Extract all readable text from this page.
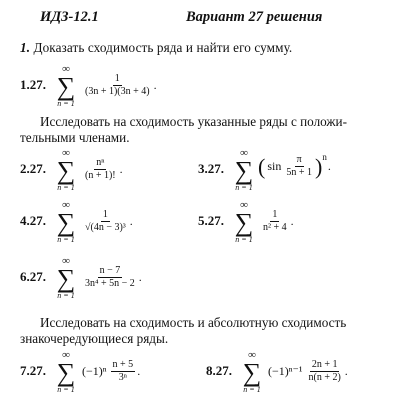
ИДЗ-12.1	Вариант 27 решения
1. Доказать сходимость ряда и найти его сумму.
1.27.
∞
∑
n = 1
$\frac{1}{(3n + 1)(3n + 4)}$ .
Исследовать на сходимость указанные ряды с положи-тельными членами.
2.27.
∞
∑
n = 1
$\frac{\text{nⁿ}}{(n + 1)!}$ .	3.27.
∞
∑
n = 1
( $\sin \frac{\pi}{5n + 1}$ ) n
.
4.27.
∞
∑
n = 1
$\frac{1}{\text{√(4n − 3)³}}$ .	5.27.
∞
∑
n = 1
$\frac{1}{\text{n² + 4}}$ .
6.27.
∞
∑
n = 1
$\frac{n - 7}{\text{3n⁴ + 5n − 2}}$ .
Исследовать на сходимость и абсолютную сходимость знакочередующиеся ряды.
7.27.
∞
∑
n = 1
$(-1)^n \frac{n + 5}{\text{3ⁿ}}$ .	8.27.
∞
∑
n = 1
$(-1)^{n-1} \frac{2n + 1}{n(n + 2)}$ .
